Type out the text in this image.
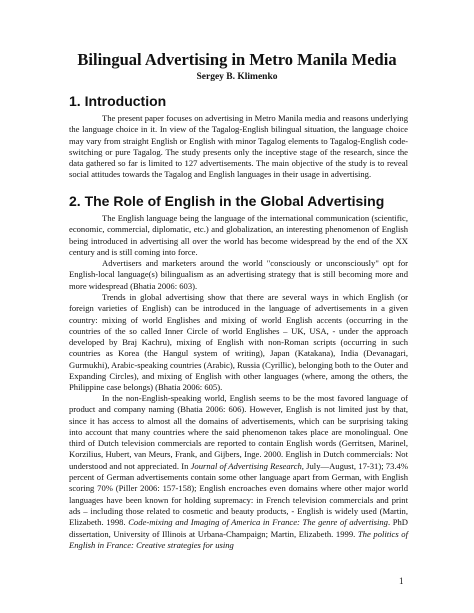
Bilingual Advertising in Metro Manila Media

Sergey B. Klimenko

1. Introduction

The present paper focuses on advertising in Metro Manila media and reasons underlying the language choice in it. In view of the Tagalog-English bilingual situation, the language choice may vary from straight English or English with minor Tagalog elements to Tagalog-English code-switching or pure Tagalog. The study presents only the inceptive stage of the research, since the data gathered so far is limited to 127 advertisements. The main objective of the study is to reveal social attitudes towards the Tagalog and English languages in their usage in advertising.

2. The Role of English in the Global Advertising

The English language being the language of the international communication (scientific, economic, commercial, diplomatic, etc.) and globalization, an interesting phenomenon of English being introduced in advertising all over the world has become widespread by the end of the XX century and is still coming into force.

Advertisers and marketers around the world "consciously or unconsciously" opt for English-local language(s) bilingualism as an advertising strategy that is still becoming more and more widespread (Bhatia 2006: 603).

Trends in global advertising show that there are several ways in which English (or foreign varieties of English) can be introduced in the language of advertisements in a given country: mixing of world Englishes and mixing of world English accents (occurring in the countries of the so called Inner Circle of world Englishes – UK, USA, - under the approach developed by Braj Kachru), mixing of English with non-Roman scripts (occurring in such countries as Korea (the Hangul system of writing), Japan (Katakana), India (Devanagari, Gurmukhi), Arabic-speaking countries (Arabic), Russia (Cyrillic), belonging both to the Outer and Expanding Circles), and mixing of English with other languages (where, among the others, the Philippine case belongs) (Bhatia 2006: 605).

In the non-English-speaking world, English seems to be the most favored language of product and company naming (Bhatia 2006: 606). However, English is not limited just by that, since it has access to almost all the domains of advertisements, which can be surprising taking into account that many countries where the said phenomenon takes place are monolingual. One third of Dutch television commercials are reported to contain English words (Gerritsen, Marinel, Korzilius, Hubert, van Meurs, Frank, and Gijbers, Inge. 2000. English in Dutch commercials: Not understood and not appreciated. In Journal of Advertising Research, July—August, 17-31); 73.4% percent of German advertisements contain some other language apart from German, with English scoring 70% (Piller 2006: 157-158); English encroaches even domains where other major world languages have been known for holding supremacy: in French television commercials and print ads – including those related to cosmetic and beauty products, - English is widely used (Martin, Elizabeth. 1998. Code-mixing and Imaging of America in France: The genre of advertising. PhD dissertation, University of Illinois at Urbana-Champaign; Martin, Elizabeth. 1999. The politics of English in France: Creative strategies for using

1
